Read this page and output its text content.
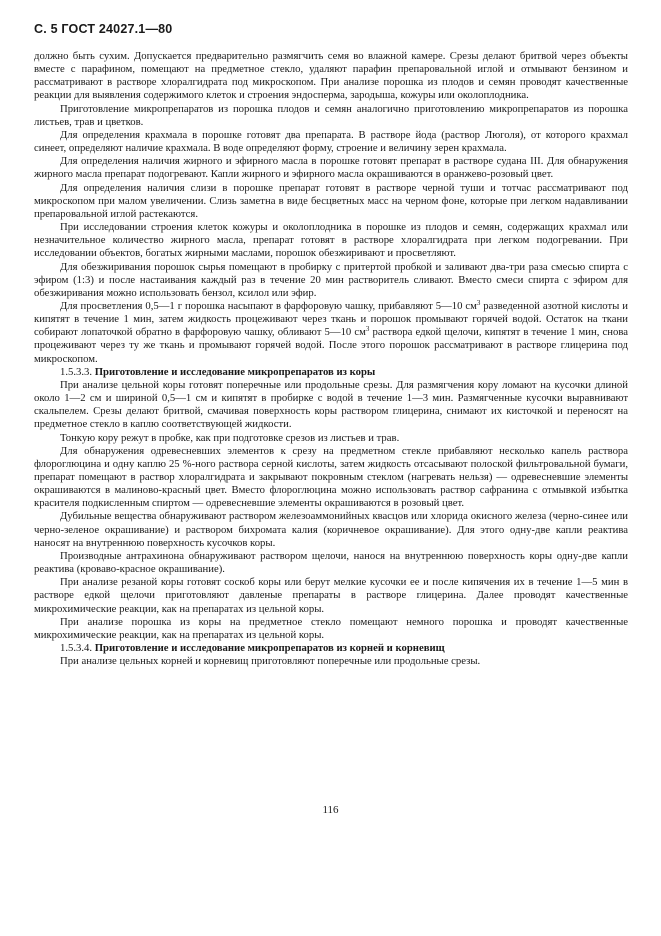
С. 5 ГОСТ 24027.1—80

должно быть сухим. Допускается предварительно размягчить семя во влажной камере. Срезы делают бритвой через объекты вместе с парафином, помещают на предметное стекло, удаляют парафин препаровальной иглой и отмывают бензином и рассматривают в растворе хлоралгидрата под микроскопом. При анализе порошка из плодов и семян проводят качественные реакции для выявления содержимого клеток и строения эндосперма, зародыша, кожуры или околоплодника.

Приготовление микропрепаратов из порошка плодов и семян аналогично приготовлению микропрепаратов из порошка листьев, трав и цветков.

Для определения крахмала в порошке готовят два препарата. В растворе йода (раствор Люголя), от которого крахмал синеет, определяют наличие крахмала. В воде определяют форму, строение и величину зерен крахмала.

Для определения наличия жирного и эфирного масла в порошке готовят препарат в растворе судана III. Для обнаружения жирного масла препарат подогревают. Капли жирного и эфирного масла окрашиваются в оранжево-розовый цвет.

Для определения наличия слизи в порошке препарат готовят в растворе черной туши и тотчас рассматривают под микроскопом при малом увеличении. Слизь заметна в виде бесцветных масс на черном фоне, которые при легком надавливании препаровальной иглой растекаются.

При исследовании строения клеток кожуры и околоплодника в порошке из плодов и семян, содержащих крахмал или незначительное количество жирного масла, препарат готовят в растворе хлоралгидрата при легком подогревании. При исследовании объектов, богатых жирными маслами, порошок обезжиривают и просветляют.

Для обезжиривания порошок сырья помещают в пробирку с притертой пробкой и заливают два-три раза смесью спирта с эфиром (1:3) и после настаивания каждый раз в течение 20 мин растворитель сливают. Вместо смеси спирта с эфиром для обезжиривания можно использовать бензол, ксилол или эфир.

Для просветления 0,5—1 г порошка насыпают в фарфоровую чашку, прибавляют 5—10 $см^3$ разведенной азотной кислоты и кипятят в течение 1 мин, затем жидкость процеживают через ткань и порошок промывают горячей водой. Остаток на ткани собирают лопаточкой обратно в фарфоровую чашку, обливают 5—10 $см^3$ раствора едкой щелочи, кипятят в течение 1 мин, снова процеживают через ту же ткань и промывают горячей водой. После этого порошок рассматривают в растворе глицерина под микроскопом.

1.5.3.3. Приготовление и исследование микропрепаратов из коры

При анализе цельной коры готовят поперечные или продольные срезы. Для размягчения кору ломают на кусочки длиной около 1—2 см и шириной 0,5—1 см и кипятят в пробирке с водой в течение 1—3 мин. Размягченные кусочки выравнивают скальпелем. Срезы делают бритвой, смачивая поверхность коры раствором глицерина, снимают их кисточкой и переносят на предметное стекло в каплю соответствующей жидкости.

Тонкую кору режут в пробке, как при подготовке срезов из листьев и трав.

Для обнаружения одревесневших элементов к срезу на предметном стекле прибавляют несколько капель раствора флороглюцина и одну каплю 25 %-ного раствора серной кислоты, затем жидкость отсасывают полоской фильтровальной бумаги, препарат помещают в раствор хлоралгидрата и закрывают покровным стеклом (нагревать нельзя) — одревесневшие элементы окрашиваются в малиново-красный цвет. Вместо флороглюцина можно использовать раствор сафранина с отмывкой избытка красителя подкисленным спиртом — одревесневшие элементы окрашиваются в розовый цвет.

Дубильные вещества обнаруживают раствором железоаммонийных квасцов или хлорида окисного железа (черно-синее или черно-зеленое окрашивание) и раствором бихромата калия (коричневое окрашивание). Для этого одну-две капли реактива наносят на внутреннюю поверхность кусочков коры.

Производные антрахинона обнаруживают раствором щелочи, нанося на внутреннюю поверхность коры одну-две капли реактива (кроваво-красное окрашивание).

При анализе резаной коры готовят соскоб коры или берут мелкие кусочки ее и после кипячения их в течение 1—5 мин в растворе едкой щелочи приготовляют давленые препараты в растворе глицерина. Далее проводят качественные микрохимические реакции, как на препаратах из цельной коры.

При анализе порошка из коры на предметное стекло помещают немного порошка и проводят качественные микрохимические реакции, как на препаратах из цельной коры.

1.5.3.4. Приготовление и исследование микропрепаратов из корней и корневищ

При анализе цельных корней и корневищ приготовляют поперечные или продольные срезы.

116
